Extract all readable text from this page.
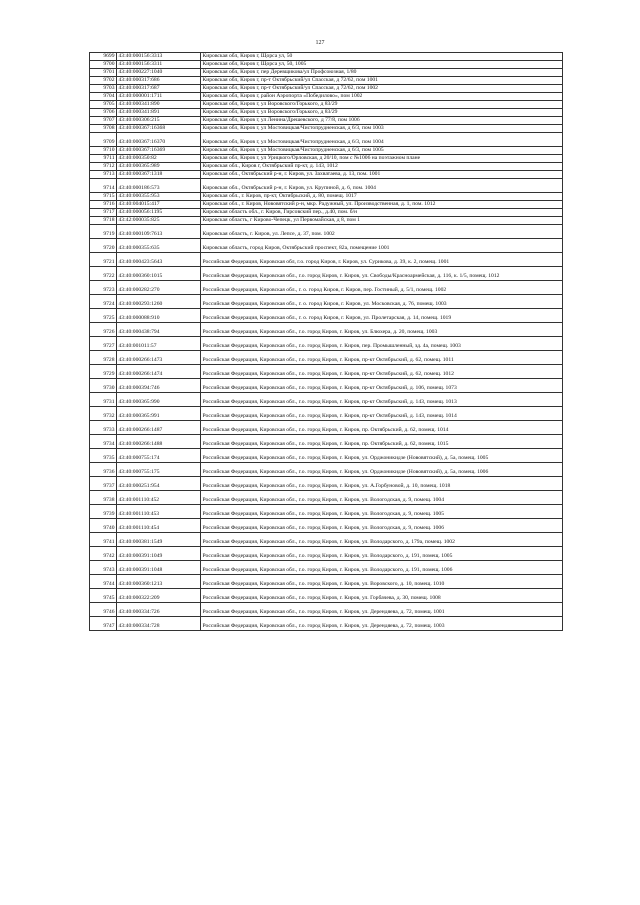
127
9699	43:40:000156:3313	Кировская обл, Киров г, Щорса ул, 50
9700	43:40:000156:3311	Кировская обл, Киров г, Щорса ул, 50, 1005
9701	43:40:000227:1040	Кировская обл, Киров г, пер Деревщикова/ул Профсоюзная, 1/80
9702	43:40:000317:686	Кировская обл, Киров г, пр-т Октябрьский/ул Спасская, д 72/62, пом 1001
9703	43:40:000317:687	Кировская обл, Киров г, пр-т Октябрьский/ул Спасская, д 72/62, пом 1002
9704	43:40:000001:1711	Кировская обл, Киров г, район Аэропорта «Победилово», пом 1002
9705	43:40:000341:890	Кировская обл, Киров г, ул Воровского/Горького, д 83/29
9706	43:40:000341:891	Кировская обл, Киров г, ул Воровского/Горького, д 83/29
9707	43:40:000306:215	Кировская обл, Киров г, ул Ленина/Дрешевского, д 77/8, пом 1006
9708	43:40:000367:16368	Кировская обл, Киров г, ул Мостовицкая/Чистопрудненская, д 6/3, пом 1003
9709	43:40:000367:16370	Кировская обл, Киров г, ул Мостовицкая/Чистопрудненская, д 6/3, пом 1004
9710	43:40:000367:16369	Кировская обл, Киров г, ул Мостовицкая/Чистопрудненская, д 6/3, пом 1005
9711	43:40:000350:82	Кировская обл, Киров г, ул Урицкого/Орловская, д 20/10, пом с №1006 на поэтажном плане
9712	43:40:000365:989	Кировская обл., Киров г, Октябрьский пр-кт, д. 143, 1012
9713	43:40:000367:1318	Кировская обл., Октябрьский р-н, г. Киров, ул. Захватаева, д. 13, пом. 1001
9714	43:40:000186:573	Кировская обл., Октябрьский р-н, г. Киров, ул. Крупиной, д. 6, пом. 1004
9715	43:40:000355:953	Кировская обл., г. Киров, пр-кт, Октябрьский, д. 80, помещ. 1017
9716	43:40:004015:417	Кировская обл., г. Киров, Нововятский р-н, мкр. Радужный, ул. Производственная, д. 1, пом. 1012
9717	43:40:000056:1195	Кировская область обл., г. Киров, Гирсовский пер., д.40, пом. б/н
9718	43:42:000035:825	Кировская область, г Кирово-Чепецк, ул Первомайская, д 8, пом 1
9719	43:40:000109:7613	Кировская область, г. Киров, ул. Лепсе, д. 37, пом. 1002
9720	43:40:000355:635	Кировская область, город Киров, Октябрьский проспект, 82а, помещение 1001
9721	43:40:000423:5643	Российская Федерация, Кировская обл, г.о. город Киров, г. Киров, ул. Суриковa, д. 39, к. 2, помещ. 1001
9722	43:40:000360:1015	Российская Федерация, Кировская обл., г.о. город Киров, г. Киров, ул. Свободы/Красноармейская, д. 116, к. 1/5, помещ. 1012
9723	43:40:000282:270	Российская Федерация, Кировская обл., г. о. город Киров, г. Киров, пер. Гостиный, д. 5/1, помещ. 1002
9724	43:40:000293:1260	Российская Федерация, Кировская обл., г. о. город Киров, г. Киров, ул. Московская, д. 76, помещ. 1003
9725	43:40:000088:910	Российская Федерация, Кировская обл., г. о. город Киров, г. Киров, ул. Пролетарская, д. 14, помещ. 1019
9726	43:40:000438:794	Российская Федерация, Кировская обл., г.о. город Киров, г. Киров, ул. Блюхера, д. 20, помещ. 1003
9727	43:40:001011:57	Российская Федерация, Кировская обл., г.о. город Киров, г. Киров, пер. Промышленный, зд. 4а, помещ. 1003
9728	43:40:000266:1473	Российская Федерация, Кировская обл., г.о. город Киров, г. Киров, пр-кт Октябрьский, д. 62, помещ. 1011
9729	43:40:000266:1474	Российская Федерация, Кировская обл., г.о. город Киров, г. Киров, пр-кт Октябрьский, д. 62, помещ. 1012
9730	43:40:000394:746	Российская Федерация, Кировская обл., г.о. город Киров, г. Киров, пр-кт Октябрьский, д. 106, помещ. 1073
9731	43:40:000365:990	Российская Федерация, Кировская обл., г.о. город Киров, г. Киров, пр-кт Октябрьский, д. 143, помещ. 1013
9732	43:40:000365:991	Российская Федерация, Кировская обл., г.о. город Киров, г. Киров, пр-кт Октябрьский, д. 143, помещ. 1014
9733	43:40:000266:1487	Российская Федерация, Кировская обл., г.о. город Киров, г. Киров, пр. Октябрьский, д. 62, помещ. 1014
9734	43:40:000266:1488	Российская Федерация, Кировская обл., г.о. город Киров, г. Киров, пр. Октябрьский, д. 62, помещ. 1015
9735	43:40:000755:174	Российская Федерация, Кировская обл., г.о. город Киров, г. Киров, ул. Орджоникидзе (Нововятский), д. 5а, помещ. 1005
9736	43:40:000755:175	Российская Федерация, Кировская обл., г.о. город Киров, г. Киров, ул. Орджоникидзе (Нововятский), д. 5а, помещ. 1006
9737	43:40:000251:954	Российская Федерация, Кировская обл., г.о. город Киров, г. Киров, ул. А.Горбуновой, д. 10, помещ. 1018
9738	43:40:001110:452	Российская Федерация, Кировская обл., г.о. город Киров, г. Киров, ул. Вологодская, д. 9, помещ. 1004
9739	43:40:001110:453	Российская Федерация, Кировская обл., г.о. город Киров, г. Киров, ул. Вологодская, д. 9, помещ. 1005
9740	43:40:001110:454	Российская Федерация, Кировская обл., г.о. город Киров, г. Киров, ул. Вологодская, д. 9, помещ. 1006
9741	43:40:000381:1549	Российская Федерация, Кировская обл., г.о. город Киров, г. Киров, ул. Володарского, д. 179а, помещ. 1002
9742	43:40:000391:1049	Российская Федерация, Кировская обл., г.о. город Киров, г. Киров, ул. Володарского, д. 191, помещ. 1005
9743	43:40:000391:1048	Российская Федерация, Кировская обл., г.о. город Киров, г. Киров, ул. Володарского, д. 191, помещ. 1006
9744	43:40:000360:1213	Российская Федерация, Кировская обл., г.о. город Киров, г. Киров, ул. Воровского, д. 10, помещ. 1010
9745	43:40:000322:209	Российская Федерация, Кировская обл., г.о. город Киров, г. Киров, ул. Горбачева, д. 30, помещ. 1008
9746	43:40:000334:726	Российская Федерация, Кировская обл., г.о. город Киров, г. Киров, ул. Дерендяева, д. 72, помещ. 1001
9747	43:40:000334:728	Российская Федерация, Кировская обл., г.о. город Киров, г. Киров, ул. Дерендяева, д. 72, помещ. 1003
